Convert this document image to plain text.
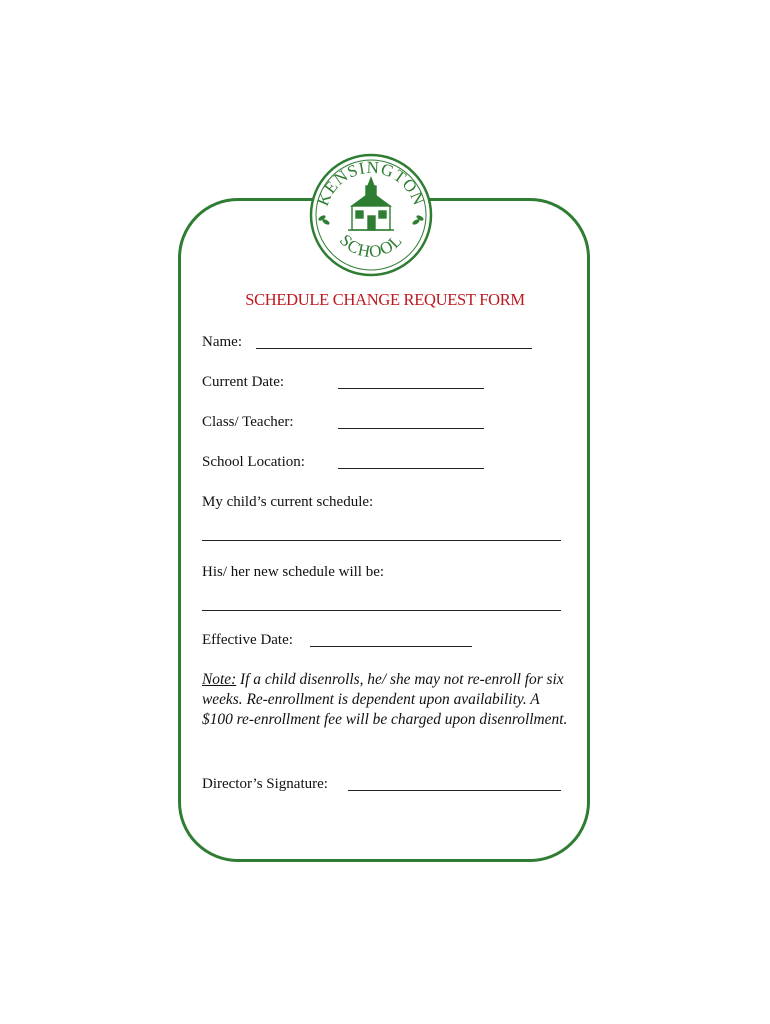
KENSINGTON
SCHOOL
SCHEDULE CHANGE REQUEST FORM
Name:
Current Date:
Class/ Teacher:
School Location:
My child’s current schedule:
His/ her new schedule will be:
Effective Date:
Note: If a child disenrolls, he/ she may not re-enroll for six weeks. Re-enrollment is dependent upon availability. A $100 re-enrollment fee will be charged upon disenrollment.
Director’s Signature:
